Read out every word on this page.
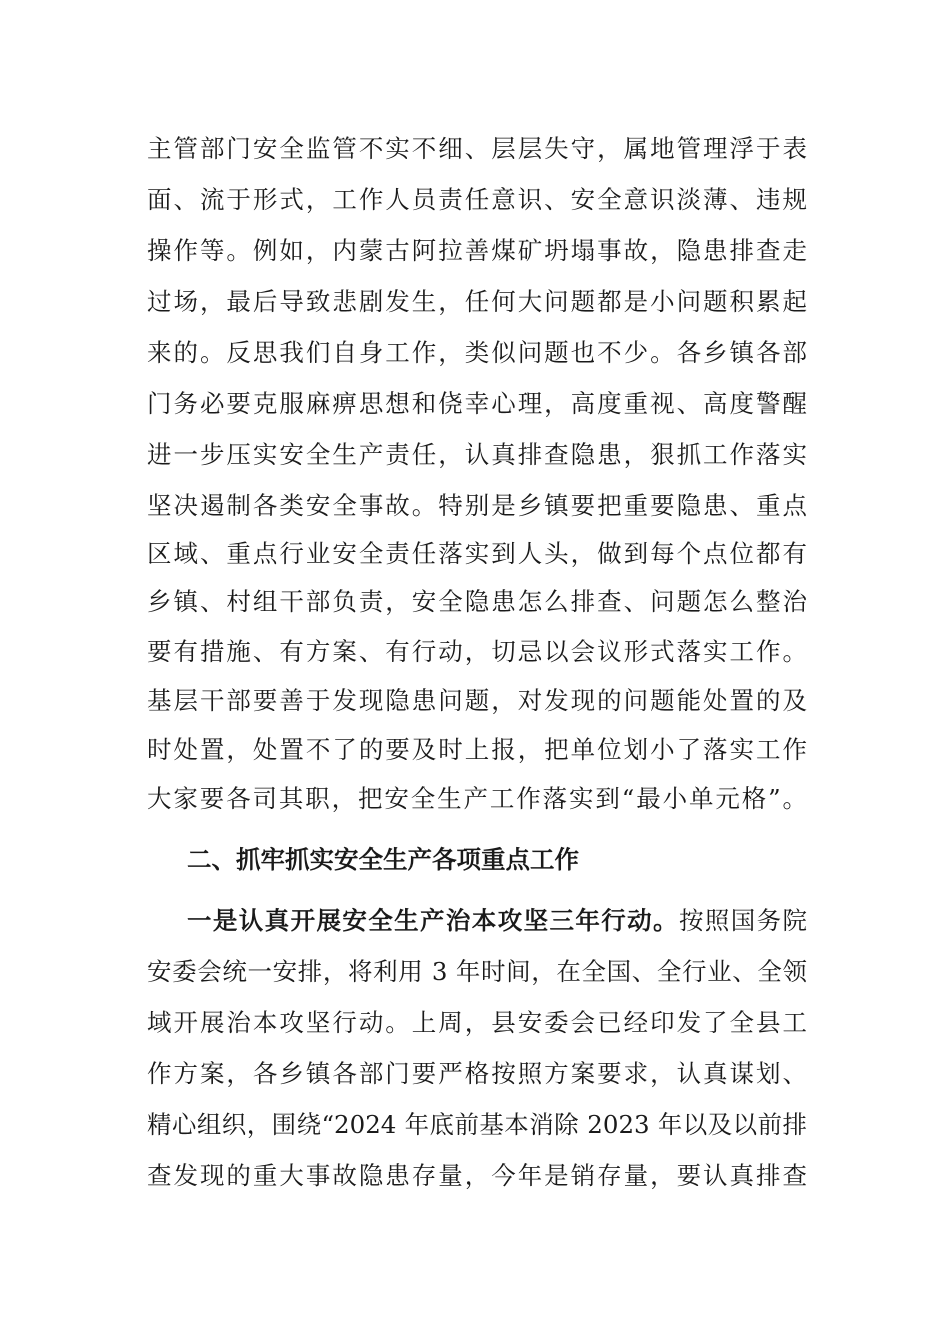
主管部门安全监管不实不细、层层失守，属地管理浮于表
面、流于形式，工作人员责任意识、安全意识淡薄、违规
操作等。例如，内蒙古阿拉善煤矿坍塌事故，隐患排查走
过场，最后导致悲剧发生，任何大问题都是小问题积累起
来的。反思我们自身工作，类似问题也不少。各乡镇各部
门务必要克服麻痹思想和侥幸心理，高度重视、高度警醒
进一步压实安全生产责任，认真排查隐患，狠抓工作落实
坚决遏制各类安全事故。特别是乡镇要把重要隐患、重点
区域、重点行业安全责任落实到人头，做到每个点位都有
乡镇、村组干部负责，安全隐患怎么排查、问题怎么整治
要有措施、有方案、有行动，切忌以会议形式落实工作。
基层干部要善于发现隐患问题，对发现的问题能处置的及
时处置，处置不了的要及时上报，把单位划小了落实工作
大家要各司其职，把安全生产工作落实到“最小单元格”。
二、抓牢抓实安全生产各项重点工作
一是认真开展安全生产治本攻坚三年行动。按照国务院
安委会统一安排，将利用 3 年时间，在全国、全行业、全领
域开展治本攻坚行动。上周，县安委会已经印发了全县工
作方案，各乡镇各部门要严格按照方案要求，认真谋划、
精心组织，围绕“2024 年底前基本消除 2023 年以及以前排
查发现的重大事故隐患存量，今年是销存量，要认真排查
